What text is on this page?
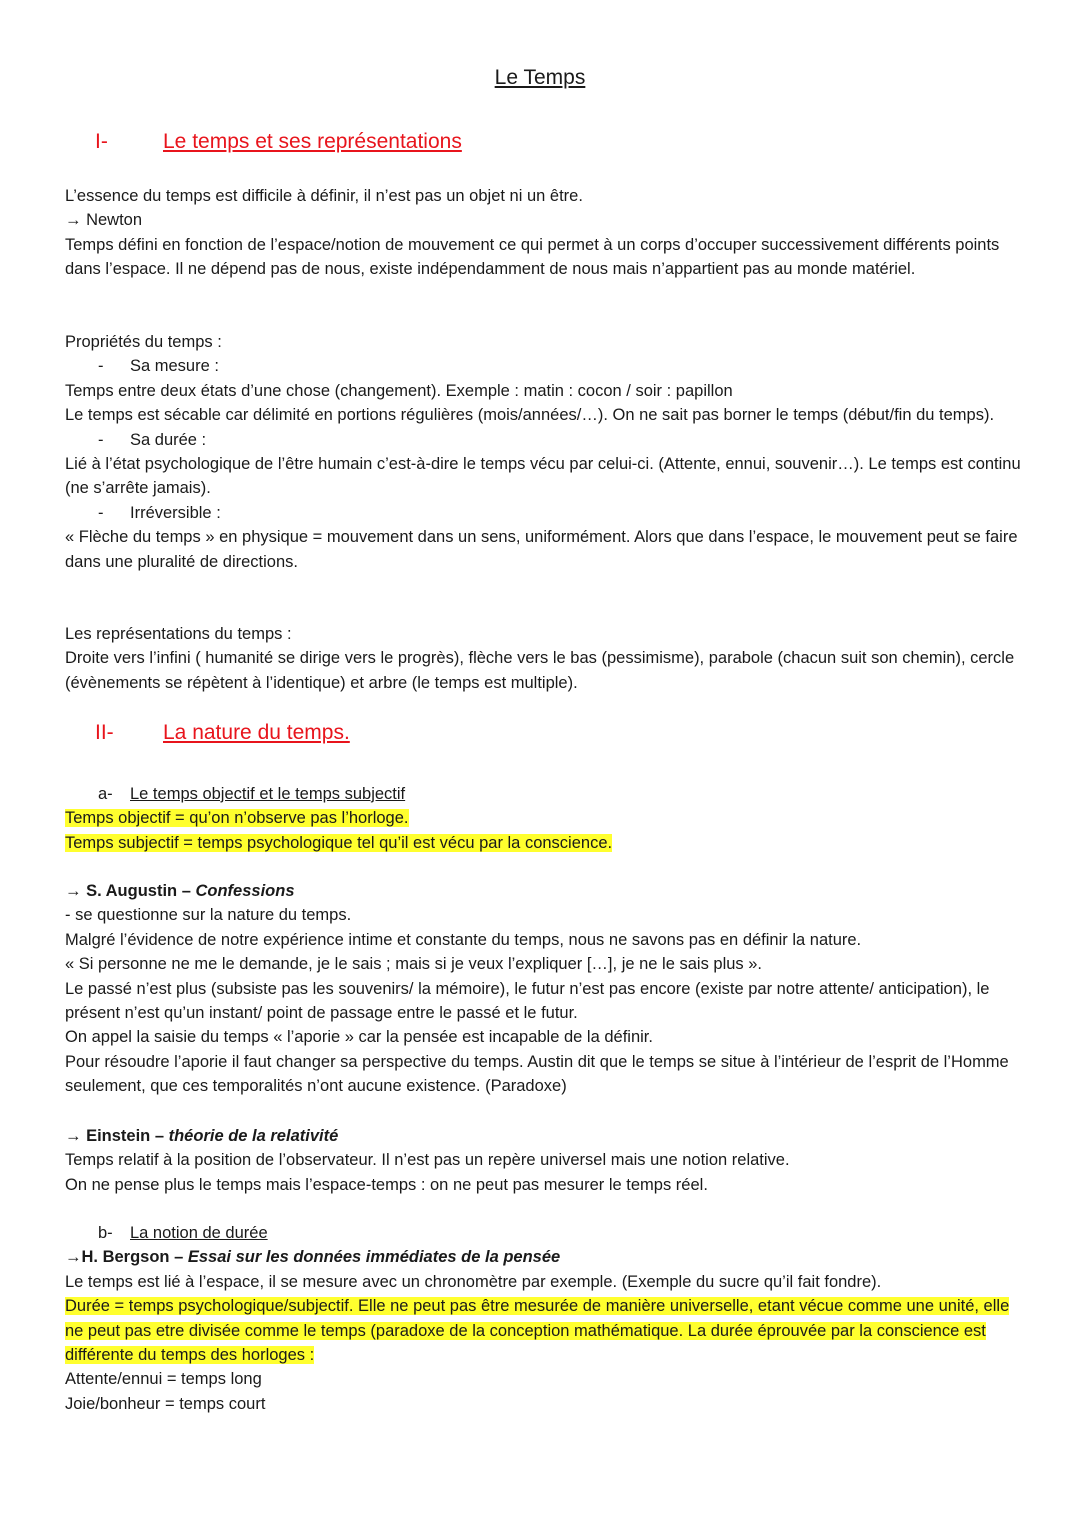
Le Temps
I-	Le temps et ses représentations

L’essence du temps est difficile à définir, il n’est pas un objet ni un être.

→ Newton

Temps défini en fonction de l’espace/notion de mouvement ce qui permet à un corps d’occuper successivement différents points dans l’espace. Il ne dépend pas de nous, existe indépendamment de nous mais n’appartient pas au monde matériel.

Propriétés du temps :

- Sa mesure :

Temps entre deux états d’une chose (changement). Exemple : matin : cocon / soir : papillon

Le temps est sécable car délimité en portions régulières (mois/années/…). On ne sait pas borner le temps (début/fin du temps).

- Sa durée :

Lié à l’état psychologique de l’être humain c’est-à-dire le temps vécu par celui-ci. (Attente, ennui, souvenir…). Le temps est continu (ne s’arrête jamais).

- Irréversible :

« Flèche du temps » en physique = mouvement dans un sens, uniformément. Alors que dans l’espace, le mouvement peut se faire dans une pluralité de directions.

Les représentations du temps :

Droite vers l’infini ( humanité se dirige vers le progrès), flèche vers le bas (pessimisme), parabole (chacun suit son chemin), cercle (évènements se répètent à l’identique) et arbre (le temps est multiple).

II- La nature du temps.

a- Le temps objectif et le temps subjectif

Temps objectif = qu’on n’observe pas l’horloge.

Temps subjectif = temps psychologique tel qu’il est vécu par la conscience.

→ S. Augustin – Confessions

- se questionne sur la nature du temps.

Malgré l’évidence de notre expérience intime et constante du temps, nous ne savons pas en définir la nature.

« Si personne ne me le demande, je le sais ; mais si je veux l’expliquer […], je ne le sais plus ».

Le passé n’est plus (subsiste pas les souvenirs/ la mémoire), le futur n’est pas encore (existe par notre attente/ anticipation), le présent n’est qu’un instant/ point de passage entre le passé et le futur.

On appel la saisie du temps « l’aporie » car la pensée est incapable de la définir.

Pour résoudre l’aporie il faut changer sa perspective du temps. Austin dit que le temps se situe à l’intérieur de l’esprit de l’Homme seulement, que ces temporalités n’ont aucune existence. (Paradoxe)

→ Einstein – théorie de la relativité

Temps relatif à la position de l’observateur. Il n’est pas un repère universel mais une notion relative.

On ne pense plus le temps mais l’espace-temps : on ne peut pas mesurer le temps réel.

b- La notion de durée

→H. Bergson – Essai sur les données immédiates de la pensée

Le temps est lié à l’espace, il se mesure avec un chronomètre par exemple. (Exemple du sucre qu’il fait fondre).

Durée = temps psychologique/subjectif. Elle ne peut pas être mesurée de manière universelle, etant vécue comme une unité, elle ne peut pas etre divisée comme le temps (paradoxe de la conception mathématique. La durée éprouvée par la conscience est différente du temps des horloges :

Attente/ennui = temps long

Joie/bonheur = temps court
